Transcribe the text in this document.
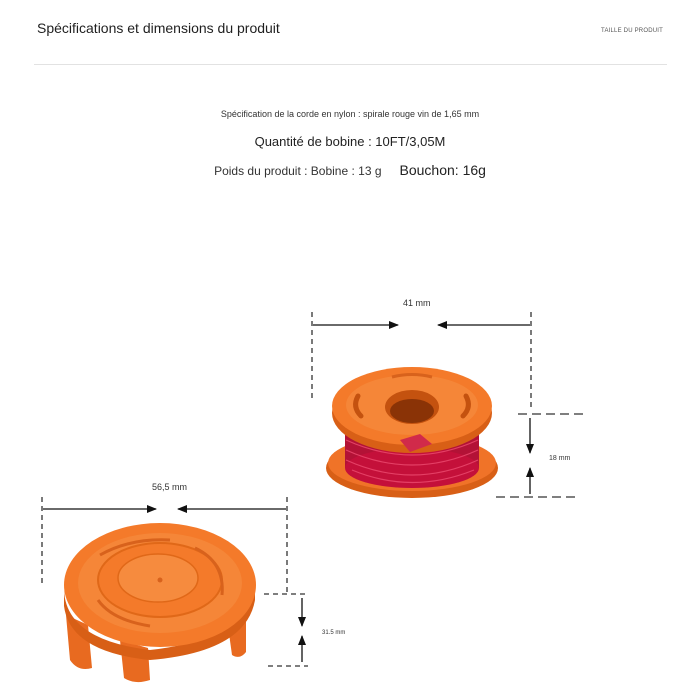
Spécifications et dimensions du produit	TAILLE DU PRODUIT
Spécification de la corde en nylon : spirale rouge vin de 1,65 mm
Quantité de bobine : 10FT/3,05M
Poids du produit : Bobine : 13 g Bouchon: 16g
41 mm
18 mm
56,5 mm
31.5 mm
